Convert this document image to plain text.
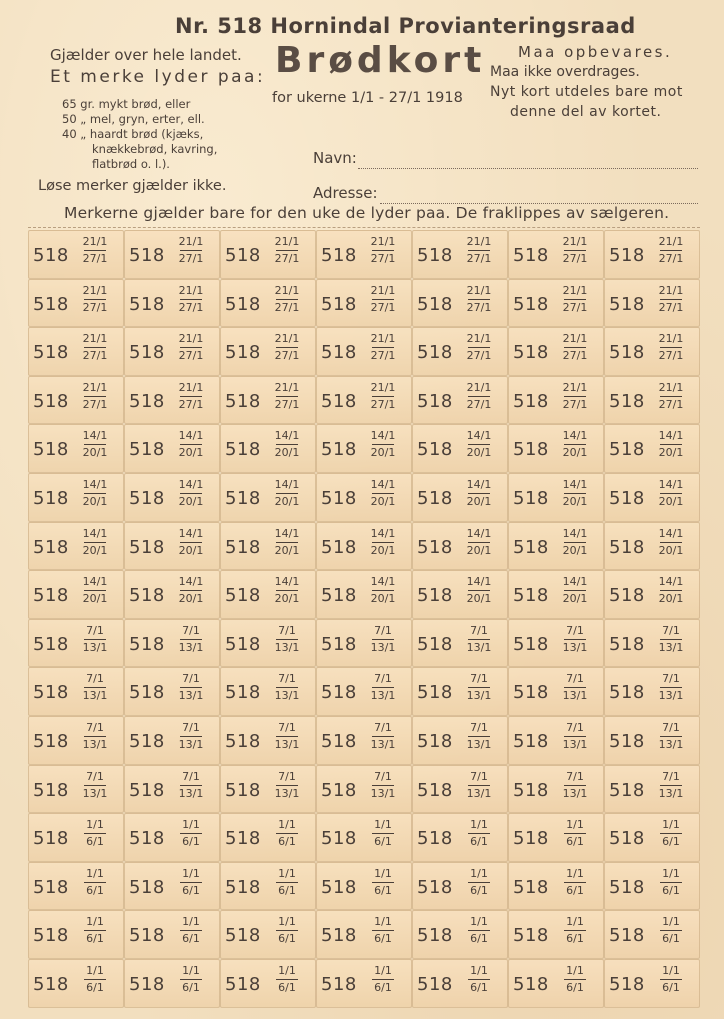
Nr. 518 Hornindal Provianteringsraad
Gjælder over hele landet.
Et merke lyder paa:
65 gr. mykt brød, eller
50 „ mel, gryn, erter, ell.
40 „ haardt brød (kjæks,
knækkebrød, kavring,
flatbrød o. l.).
Brødkort
for ukerne 1/1 - 27/1 1918
Maa opbevares.
Maa ikke overdrages.
Nyt kort utdeles bare mot
denne del av kortet.
Navn:
Adresse:
Løse merker gjælder ikke.
Merkerne gjælder bare for den uke de lyder paa. De fraklippes av sælgeren.
518
21/1
27/1 518
21/1
27/1 518
21/1
27/1 518
21/1
27/1 518
21/1
27/1 518
21/1
27/1 518
21/1
27/1
518
21/1
27/1 518
21/1
27/1 518
21/1
27/1 518
21/1
27/1 518
21/1
27/1 518
21/1
27/1 518
21/1
27/1
518
21/1
27/1 518
21/1
27/1 518
21/1
27/1 518
21/1
27/1 518
21/1
27/1 518
21/1
27/1 518
21/1
27/1
518
21/1
27/1 518
21/1
27/1 518
21/1
27/1 518
21/1
27/1 518
21/1
27/1 518
21/1
27/1 518
21/1
27/1
518
14/1
20/1 518
14/1
20/1 518
14/1
20/1 518
14/1
20/1 518
14/1
20/1 518
14/1
20/1 518
14/1
20/1
518
14/1
20/1 518
14/1
20/1 518
14/1
20/1 518
14/1
20/1 518
14/1
20/1 518
14/1
20/1 518
14/1
20/1
518
14/1
20/1 518
14/1
20/1 518
14/1
20/1 518
14/1
20/1 518
14/1
20/1 518
14/1
20/1 518
14/1
20/1
518
14/1
20/1 518
14/1
20/1 518
14/1
20/1 518
14/1
20/1 518
14/1
20/1 518
14/1
20/1 518
14/1
20/1
518
7/1
13/1 518
7/1
13/1 518
7/1
13/1 518
7/1
13/1 518
7/1
13/1 518
7/1
13/1 518
7/1
13/1
518
7/1
13/1 518
7/1
13/1 518
7/1
13/1 518
7/1
13/1 518
7/1
13/1 518
7/1
13/1 518
7/1
13/1
518
7/1
13/1 518
7/1
13/1 518
7/1
13/1 518
7/1
13/1 518
7/1
13/1 518
7/1
13/1 518
7/1
13/1
518
7/1
13/1 518
7/1
13/1 518
7/1
13/1 518
7/1
13/1 518
7/1
13/1 518
7/1
13/1 518
7/1
13/1
518
1/1
6/1 518
1/1
6/1 518
1/1
6/1 518
1/1
6/1 518
1/1
6/1 518
1/1
6/1 518
1/1
6/1
518
1/1
6/1 518
1/1
6/1 518
1/1
6/1 518
1/1
6/1 518
1/1
6/1 518
1/1
6/1 518
1/1
6/1
518
1/1
6/1 518
1/1
6/1 518
1/1
6/1 518
1/1
6/1 518
1/1
6/1 518
1/1
6/1 518
1/1
6/1
518
1/1
6/1 518
1/1
6/1 518
1/1
6/1 518
1/1
6/1 518
1/1
6/1 518
1/1
6/1 518
1/1
6/1
